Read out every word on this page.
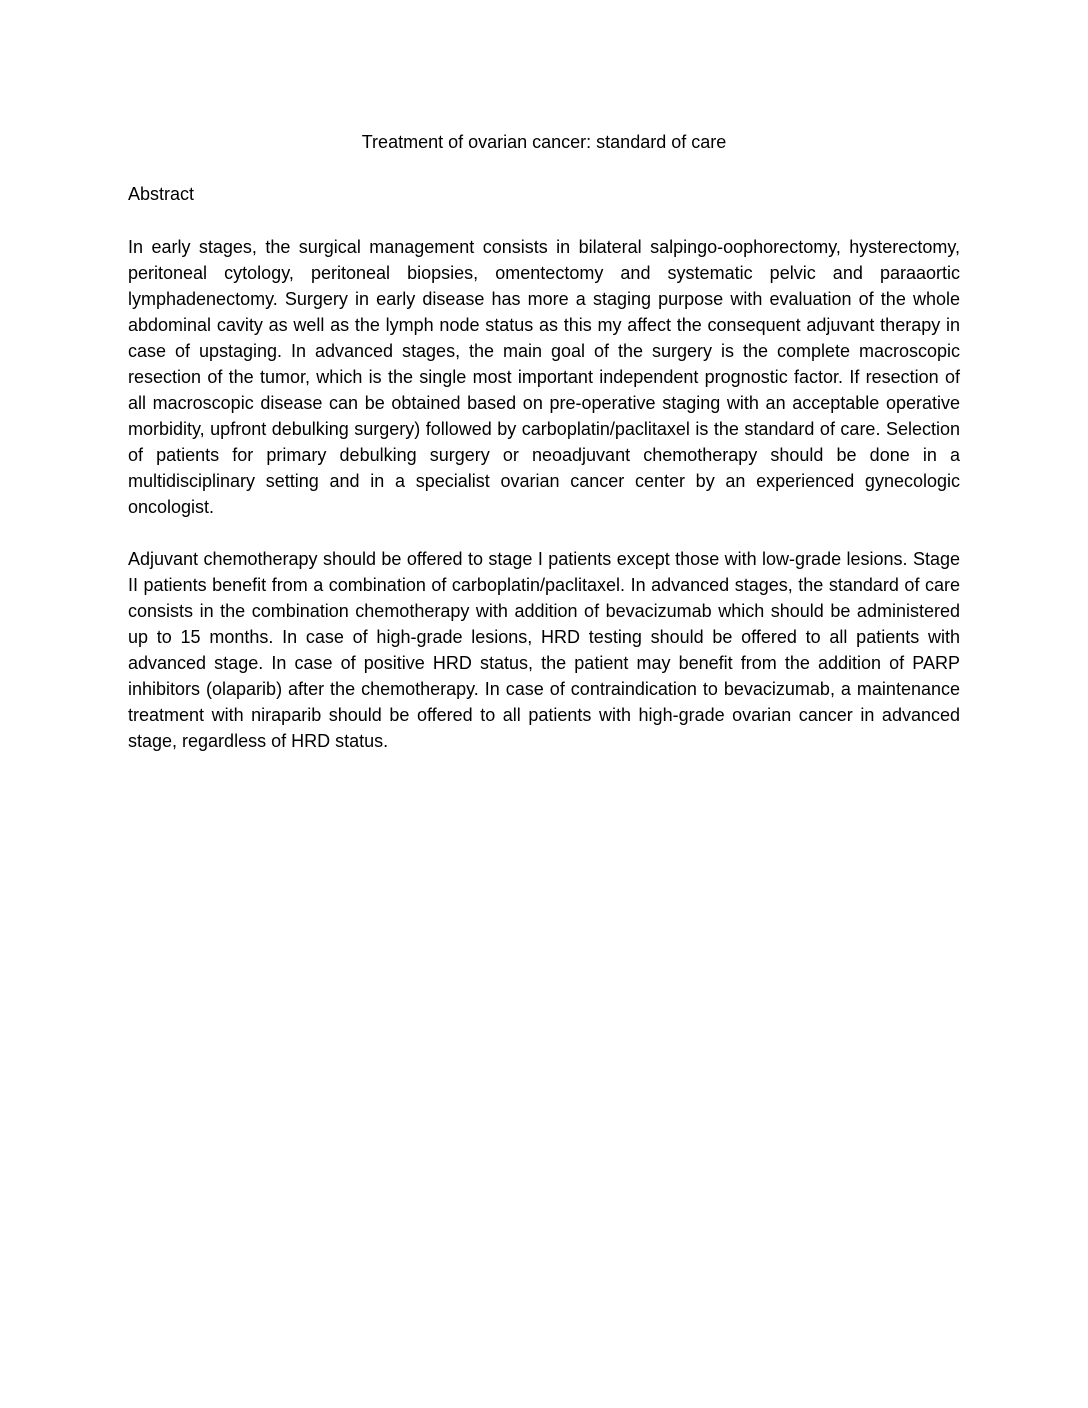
Treatment of ovarian cancer: standard of care
Abstract

In early stages, the surgical management consists in bilateral salpingo-oophorectomy, hysterectomy, peritoneal cytology, peritoneal biopsies, omentectomy and systematic pelvic and paraaortic lymphadenectomy. Surgery in early disease has more a staging purpose with evaluation of the whole abdominal cavity as well as the lymph node status as this my affect the consequent adjuvant therapy in case of upstaging. In advanced stages, the main goal of the surgery is the complete macroscopic resection of the tumor, which is the single most important independent prognostic factor. If resection of all macroscopic disease can be obtained based on pre-operative staging with an acceptable operative morbidity, upfront debulking surgery) followed by carboplatin/paclitaxel is the standard of care. Selection of patients for primary debulking surgery or neoadjuvant chemotherapy should be done in a multidisciplinary setting and in a specialist ovarian cancer center by an experienced gynecologic oncologist.

Adjuvant chemotherapy should be offered to stage I patients except those with low-grade lesions. Stage II patients benefit from a combination of carboplatin/paclitaxel. In advanced stages, the standard of care consists in the combination chemotherapy with addition of bevacizumab which should be administered up to 15 months. In case of high-grade lesions, HRD testing should be offered to all patients with advanced stage. In case of positive HRD status, the patient may benefit from the addition of PARP inhibitors (olaparib) after the chemotherapy. In case of contraindication to bevacizumab, a maintenance treatment with niraparib should be offered to all patients with high-grade ovarian cancer in advanced stage, regardless of HRD status.
